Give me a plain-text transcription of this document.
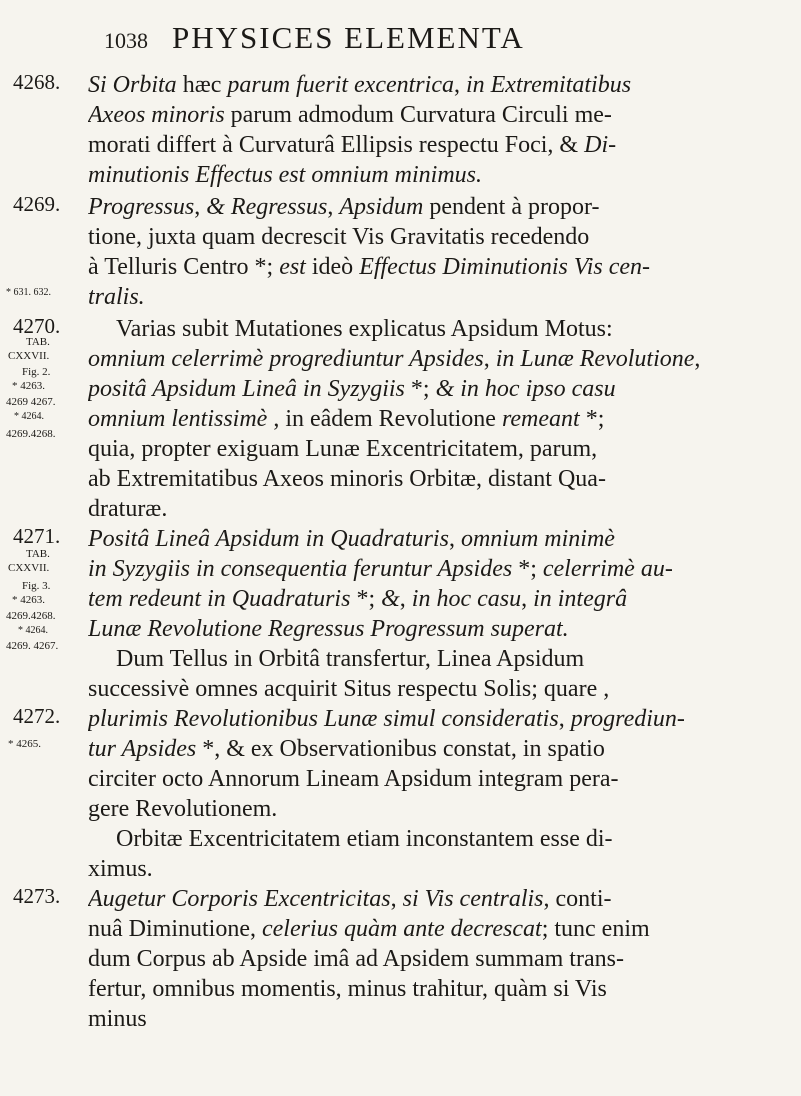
1038 PHYSICES ELEMENTA
4268. Si Orbita hæc parum fuerit excentrica, in Extremitatibus
Axeos minoris parum admodum Curvatura Circuli me-
morati differt à Curvaturâ Ellipsis respectu Foci, & Di-
minutionis Effectus est omnium minimus.
4269. Progressus, & Regressus, Apsidum pendent à propor-
tione, juxta quam decrescit Vis Gravitatis recedendo
à Telluris Centro *; est ideò Effectus Diminutionis Vis cen-
tralis.
4270.	Varias subit Mutationes explicatus Apsidum Motus:
omnium celerrimè progrediuntur Apsides, in Lunæ Revolutione,
positâ Apsidum Lineâ in Syzygiis *; & in hoc ipso casu
omnium lentissimè , in eâdem Revolutione remeant *;
quia, propter exiguam Lunæ Excentricitatem, parum,
ab Extremitatibus Axeos minoris Orbitæ, distant Qua-
draturæ.
4271. Positâ Lineâ Apsidum in Quadraturis, omnium minimè
in Syzygiis in consequentia feruntur Apsides *; celerrimè au-
tem redeunt in Quadraturis *; &, in hoc casu, in integrâ
Lunæ Revolutione Regressus Progressum superat.
Dum Tellus in Orbitâ transfertur, Linea Apsidum
successivè omnes acquirit Situs respectu Solis; quare ,
4272. plurimis Revolutionibus Lunæ simul consideratis, progrediun-
tur Apsides *, & ex Observationibus constat, in spatio
circiter octo Annorum Lineam Apsidum integram pera-
gere Revolutionem.
Orbitæ Excentricitatem etiam inconstantem esse di-
ximus.
4273. Augetur Corporis Excentricitas, si Vis centralis, conti-
nuâ Diminutione, celerius quàm ante decrescat; tunc enim
dum Corpus ab Apside imâ ad Apsidem summam trans-
fertur, omnibus momentis, minus trahitur, quàm si Vis
minus
* 631. 632.
TAB.
CXXVII.
Fig. 2.
* 4263.
4269 4267.
* 4264.
4269.4268.
TAB.
CXXVII.
Fig. 3.
* 4263.
4269.4268.
* 4264.
4269. 4267.
* 4265.
